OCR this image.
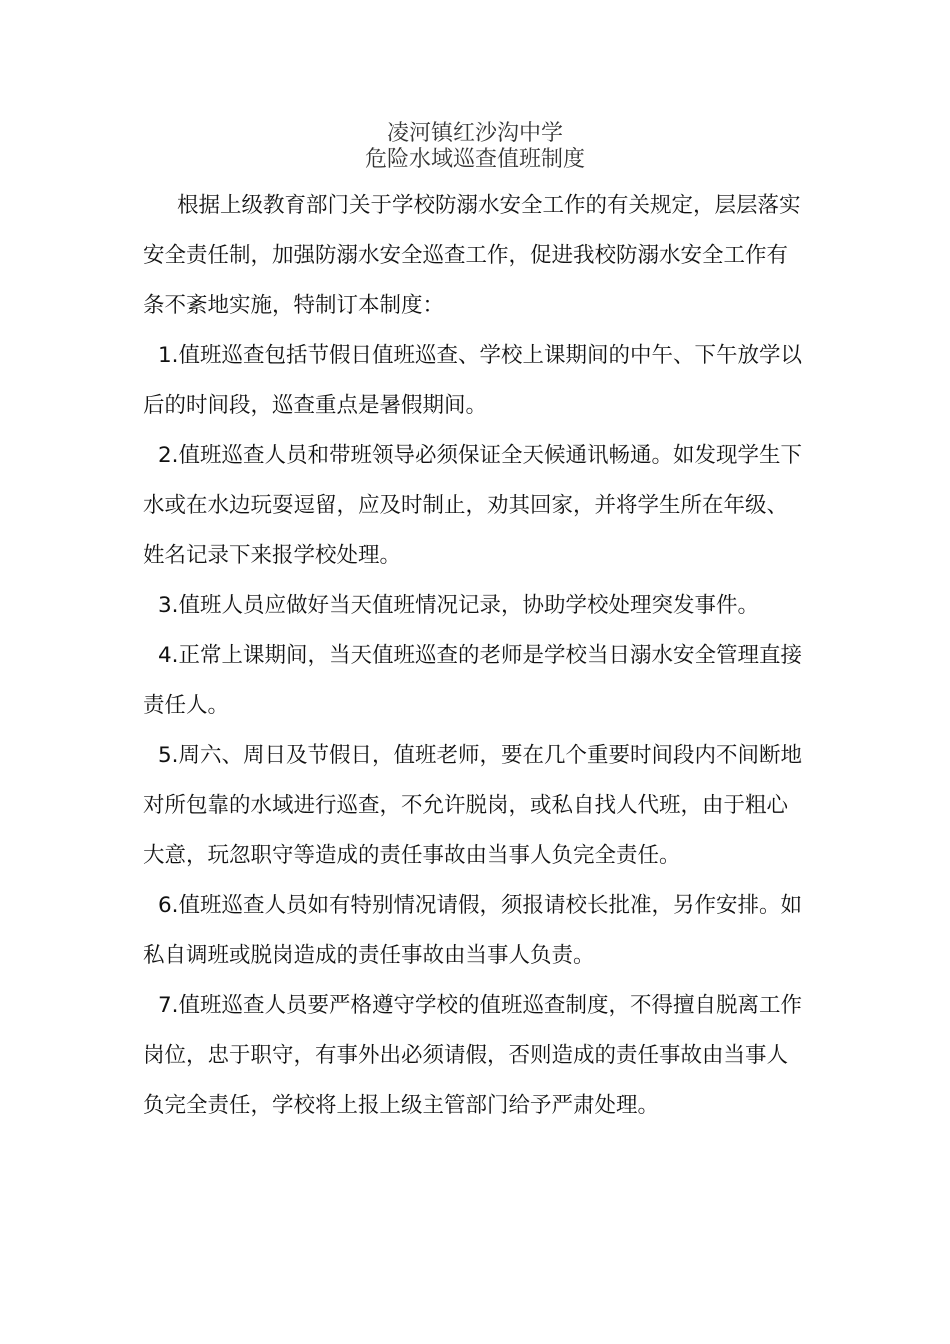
凌河镇红沙沟中学
危险水域巡查值班制度

根据上级教育部门关于学校防溺水安全工作的有关规定，层层落实安全责任制，加强防溺水安全巡查工作，促进我校防溺水安全工作有条不紊地实施，特制订本制度：

1.值班巡查包括节假日值班巡查、学校上课期间的中午、下午放学以后的时间段，巡查重点是暑假期间。

2.值班巡查人员和带班领导必须保证全天候通讯畅通。如发现学生下水或在水边玩耍逗留，应及时制止，劝其回家，并将学生所在年级、姓名记录下来报学校处理。

3.值班人员应做好当天值班情况记录，协助学校处理突发事件。

4.正常上课期间，当天值班巡查的老师是学校当日溺水安全管理直接责任人。

5.周六、周日及节假日，值班老师，要在几个重要时间段内不间断地对所包靠的水域进行巡查，不允许脱岗，或私自找人代班，由于粗心大意，玩忽职守等造成的责任事故由当事人负完全责任。

6.值班巡查人员如有特别情况请假，须报请校长批准，另作安排。如私自调班或脱岗造成的责任事故由当事人负责。

7.值班巡查人员要严格遵守学校的值班巡查制度，不得擅自脱离工作岗位，忠于职守，有事外出必须请假，否则造成的责任事故由当事人负完全责任，学校将上报上级主管部门给予严肃处理。
